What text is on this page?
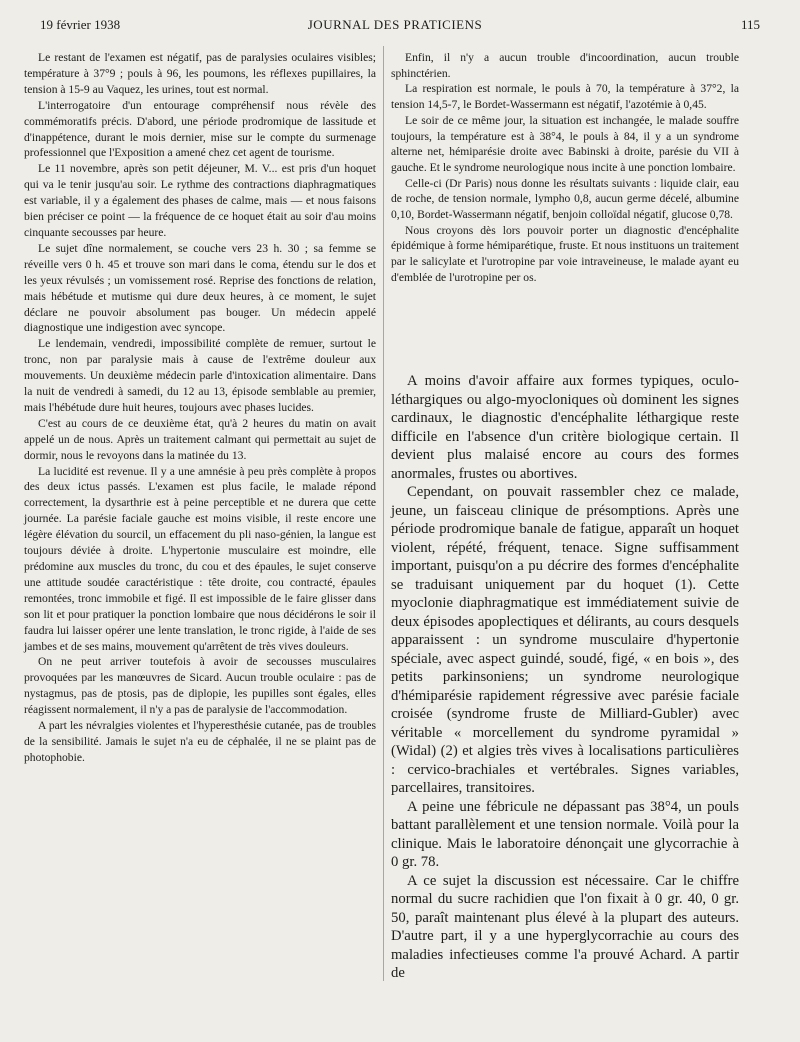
19 février 1938	JOURNAL DES PRATICIENS	115

Le restant de l'examen est négatif, pas de paralysies oculaires visibles; température à 37°9 ; pouls à 96, les poumons, les réflexes pupillaires, la tension à 15-9 au Vaquez, les urines, tout est normal.

L'interrogatoire d'un entourage compréhensif nous révèle des commémoratifs précis. D'abord, une période prodromique de lassitude et d'inappétence, durant le mois dernier, mise sur le compte du surmenage professionnel que l'Exposition a amené chez cet agent de tourisme.

Le 11 novembre, après son petit déjeuner, M. V... est pris d'un hoquet qui va le tenir jusqu'au soir. Le rythme des contractions diaphragmatiques est variable, il y a également des phases de calme, mais — et nous faisons bien préciser ce point — la fréquence de ce hoquet était au soir d'au moins cinquante secousses par heure.

Le sujet dîne normalement, se couche vers 23 h. 30 ; sa femme se réveille vers 0 h. 45 et trouve son mari dans le coma, étendu sur le dos et les yeux révulsés ; un vomissement rosé. Reprise des fonctions de relation, mais hébétude et mutisme qui dure deux heures, à ce moment, le sujet déclare ne pouvoir absolument pas bouger. Un médecin appelé diagnostique une indigestion avec syncope.

Le lendemain, vendredi, impossibilité complète de remuer, surtout le tronc, non par paralysie mais à cause de l'extrême douleur aux mouvements. Un deuxième médecin parle d'intoxication alimentaire. Dans la nuit de vendredi à samedi, du 12 au 13, épisode semblable au premier, mais l'hébétude dure huit heures, toujours avec phases lucides.

C'est au cours de ce deuxième état, qu'à 2 heures du matin on avait appelé un de nous. Après un traitement calmant qui permettait au sujet de dormir, nous le revoyons dans la matinée du 13.

La lucidité est revenue. Il y a une amnésie à peu près complète à propos des deux ictus passés. L'examen est plus facile, le malade répond correctement, la dysarthrie est à peine perceptible et ne durera que cette journée. La parésie faciale gauche est moins visible, il reste encore une légère élévation du sourcil, un effacement du pli naso-génien, la langue est toujours déviée à droite. L'hypertonie musculaire est moindre, elle prédomine aux muscles du tronc, du cou et des épaules, le sujet conserve une attitude soudée caractéristique : tête droite, cou contracté, épaules remontées, tronc immobile et figé. Il est impossible de le faire glisser dans son lit et pour pratiquer la ponction lombaire que nous décidérons le soir il faudra lui laisser opérer une lente translation, le tronc rigide, à l'aide de ses jambes et de ses mains, mouvement qu'arrêtent de très vives douleurs.

On ne peut arriver toutefois à avoir de secousses musculaires provoquées par les manœuvres de Sicard. Aucun trouble oculaire : pas de nystagmus, pas de ptosis, pas de diplopie, les pupilles sont égales, elles réagissent normalement, il n'y a pas de paralysie de l'accommodation.

A part les névralgies violentes et l'hyperesthésie cutanée, pas de troubles de la sensibilité. Jamais le sujet n'a eu de céphalée, il ne se plaint pas de photophobie.

Enfin, il n'y a aucun trouble d'incoordination, aucun trouble sphinctérien.

La respiration est normale, le pouls à 70, la température à 37°2, la tension 14,5-7, le Bordet-Wassermann est négatif, l'azotémie à 0,45.

Le soir de ce même jour, la situation est inchangée, le malade souffre toujours, la température est à 38°4, le pouls à 84, il y a un syndrome alterne net, hémiparésie droite avec Babinski à droite, parésie du VII à gauche. Et le syndrome neurologique nous incite à une ponction lombaire.

Celle-ci (Dr Paris) nous donne les résultats suivants : liquide clair, eau de roche, de tension normale, lympho 0,8, aucun germe décelé, albumine 0,10, Bordet-Wassermann négatif, benjoin colloïdal négatif, glucose 0,78.

Nous croyons dès lors pouvoir porter un diagnostic d'encéphalite épidémique à forme hémiparétique, fruste. Et nous instituons un traitement par le salicylate et l'urotropine par voie intraveineuse, le malade ayant eu d'emblée de l'urotropine per os.

A moins d'avoir affaire aux formes typiques, oculo-léthargiques ou algo-myocloniques où dominent les signes cardinaux, le diagnostic d'encéphalite léthargique reste difficile en l'absence d'un critère biologique certain. Il devient plus malaisé encore au cours des formes anormales, frustes ou abortives.

Cependant, on pouvait rassembler chez ce malade, jeune, un faisceau clinique de présomptions. Après une période prodromique banale de fatigue, apparaît un hoquet violent, répété, fréquent, tenace. Signe suffisamment important, puisqu'on a pu décrire des formes d'encéphalite se traduisant uniquement par du hoquet (1). Cette myoclonie diaphragmatique est immédiatement suivie de deux épisodes apoplectiques et délirants, au cours desquels apparaissent : un syndrome musculaire d'hypertonie spéciale, avec aspect guindé, soudé, figé, « en bois », des petits parkinsoniens; un syndrome neurologique d'hémiparésie rapidement régressive avec parésie faciale croisée (syndrome fruste de Milliard-Gubler) avec véritable « morcellement du syndrome pyramidal » (Widal) (2) et algies très vives à localisations particulières : cervico-brachiales et vertébrales. Signes variables, parcellaires, transitoires.

A peine une fébricule ne dépassant pas 38°4, un pouls battant parallèlement et une tension normale. Voilà pour la clinique. Mais le laboratoire dénonçait une glycorrachie à 0 gr. 78.

A ce sujet la discussion est nécessaire. Car le chiffre normal du sucre rachidien que l'on fixait à 0 gr. 40, 0 gr. 50, paraît maintenant plus élevé à la plupart des auteurs. D'autre part, il y a une hyperglycorrachie au cours des maladies infectieuses comme l'a prouvé Achard. A partir de
